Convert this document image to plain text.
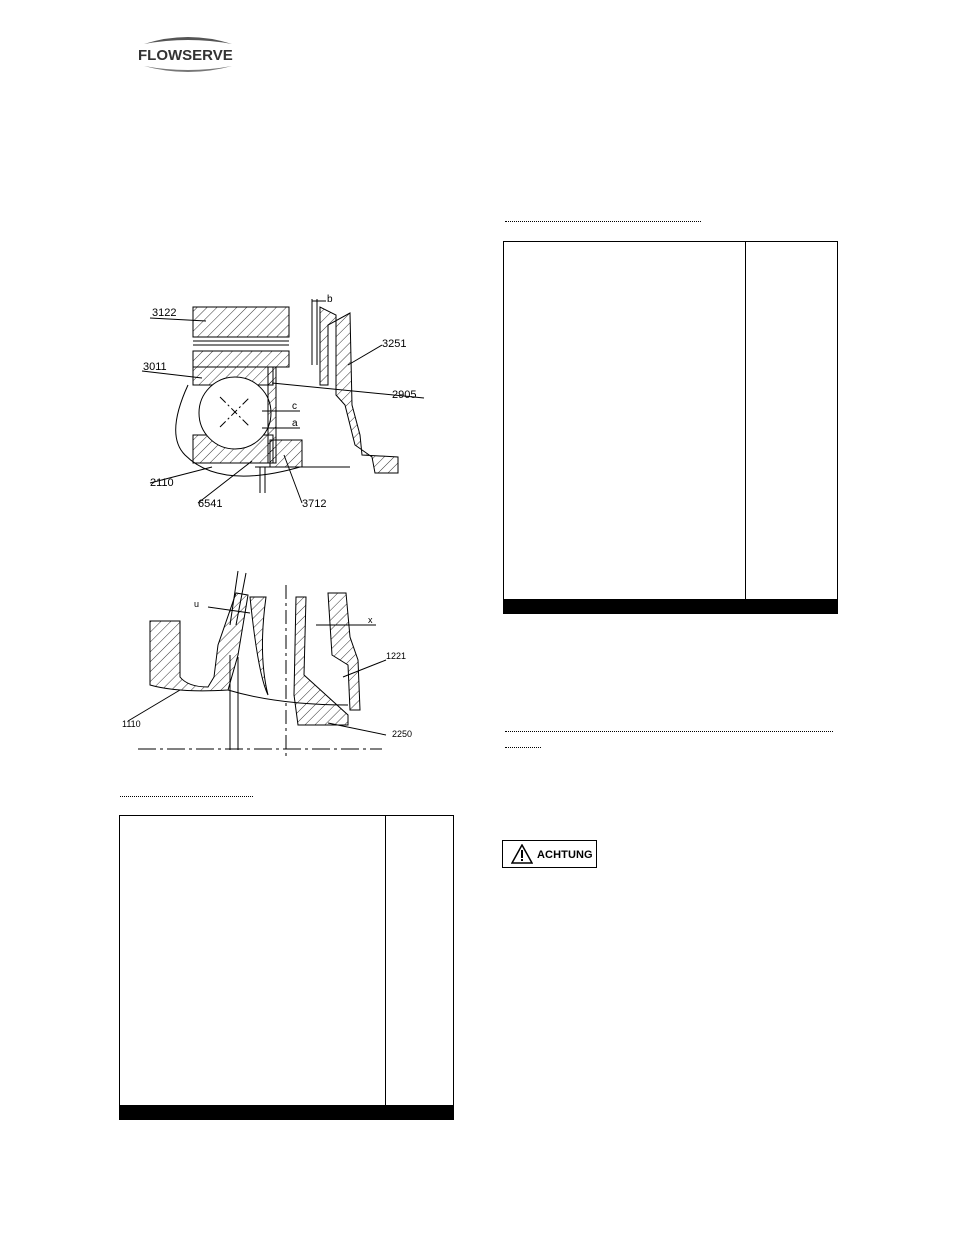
FLOWSERVE
3122
3011
2110
6541	3712
3251
2905
b
c
a
1110
1221
2250
u
x

ACHTUNG
